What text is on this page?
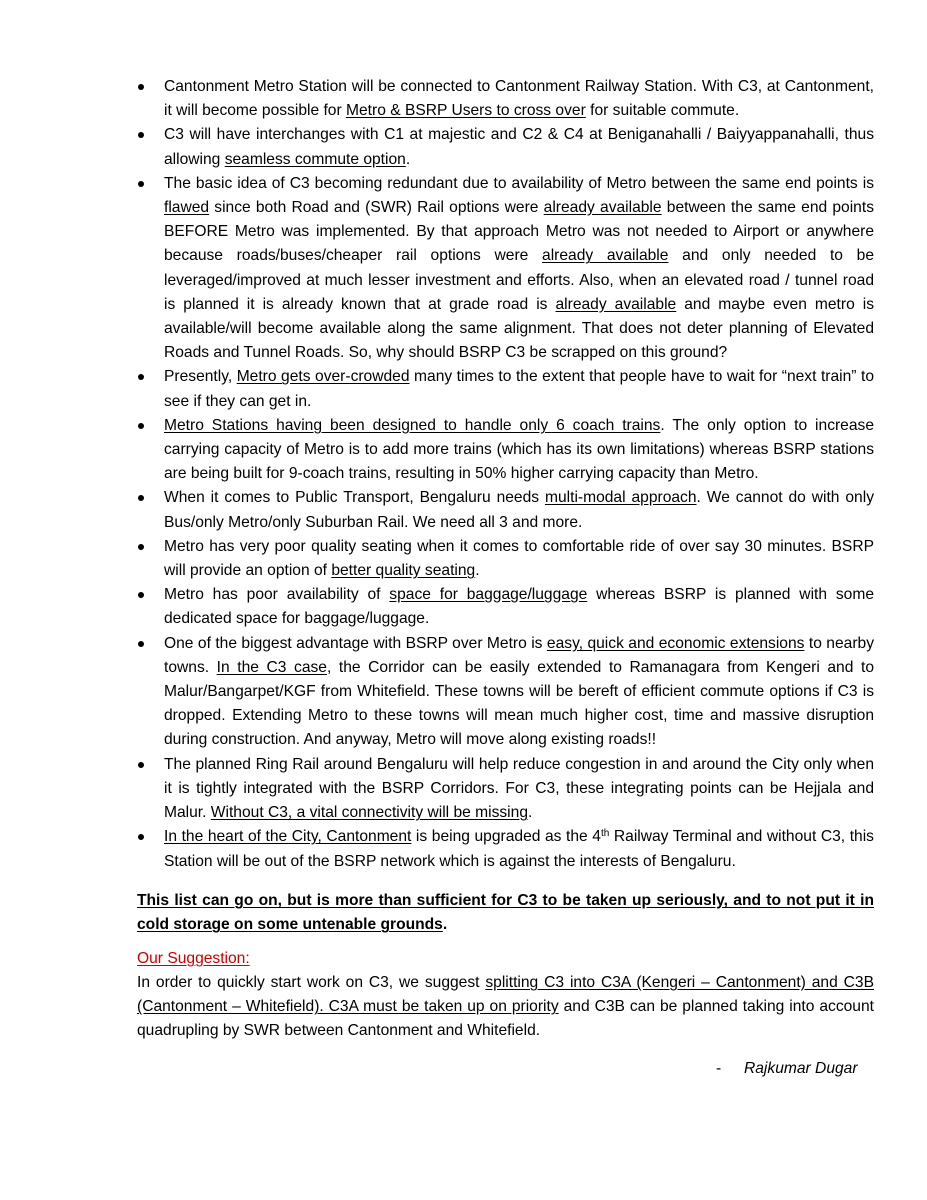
Cantonment Metro Station will be connected to Cantonment Railway Station. With C3, at Cantonment, it will become possible for Metro & BSRP Users to cross over for suitable commute.
C3 will have interchanges with C1 at majestic and C2 & C4 at Beniganahalli / Baiyyappanahalli, thus allowing seamless commute option.
The basic idea of C3 becoming redundant due to availability of Metro between the same end points is flawed since both Road and (SWR) Rail options were already available between the same end points BEFORE Metro was implemented. By that approach Metro was not needed to Airport or anywhere because roads/buses/cheaper rail options were already available and only needed to be leveraged/improved at much lesser investment and efforts. Also, when an elevated road / tunnel road is planned it is already known that at grade road is already available and maybe even metro is available/will become available along the same alignment. That does not deter planning of Elevated Roads and Tunnel Roads. So, why should BSRP C3 be scrapped on this ground?
Presently, Metro gets over-crowded many times to the extent that people have to wait for “next train” to see if they can get in.
Metro Stations having been designed to handle only 6 coach trains. The only option to increase carrying capacity of Metro is to add more trains (which has its own limitations) whereas BSRP stations are being built for 9-coach trains, resulting in 50% higher carrying capacity than Metro.
When it comes to Public Transport, Bengaluru needs multi-modal approach. We cannot do with only Bus/only Metro/only Suburban Rail. We need all 3 and more.
Metro has very poor quality seating when it comes to comfortable ride of over say 30 minutes. BSRP will provide an option of better quality seating.
Metro has poor availability of space for baggage/luggage whereas BSRP is planned with some dedicated space for baggage/luggage.
One of the biggest advantage with BSRP over Metro is easy, quick and economic extensions to nearby towns. In the C3 case, the Corridor can be easily extended to Ramanagara from Kengeri and to Malur/Bangarpet/KGF from Whitefield. These towns will be bereft of efficient commute options if C3 is dropped. Extending Metro to these towns will mean much higher cost, time and massive disruption during construction. And anyway, Metro will move along existing roads!!
The planned Ring Rail around Bengaluru will help reduce congestion in and around the City only when it is tightly integrated with the BSRP Corridors. For C3, these integrating points can be Hejjala and Malur. Without C3, a vital connectivity will be missing.
In the heart of the City, Cantonment is being upgraded as the 4th Railway Terminal and without C3, this Station will be out of the BSRP network which is against the interests of Bengaluru.

This list can go on, but is more than sufficient for C3 to be taken up seriously, and to not put it in cold storage on some untenable grounds.

Our Suggestion:

In order to quickly start work on C3, we suggest splitting C3 into C3A (Kengeri – Cantonment) and C3B (Cantonment – Whitefield). C3A must be taken up on priority and C3B can be planned taking into account quadrupling by SWR between Cantonment and Whitefield.

- Rajkumar Dugar
